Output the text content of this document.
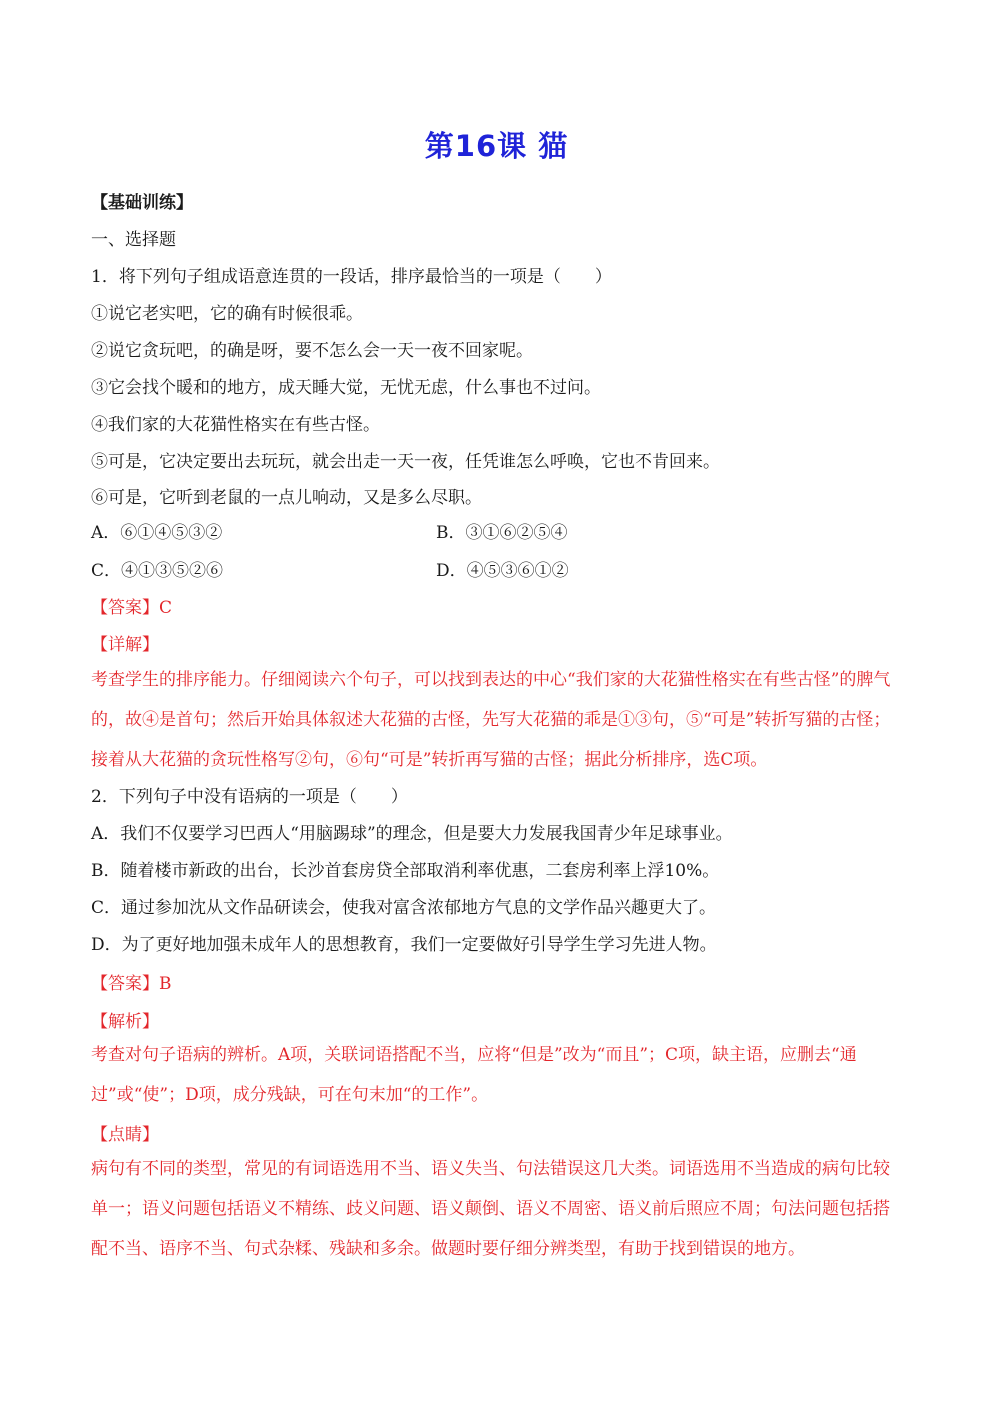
第16课 猫
【基础训练】
一、选择题
1．将下列句子组成语意连贯的一段话，排序最恰当的一项是（　　）
①说它老实吧，它的确有时候很乖。
②说它贪玩吧，的确是呀，要不怎么会一天一夜不回家呢。
③它会找个暖和的地方，成天睡大觉，无忧无虑，什么事也不过问。
④我们家的大花猫性格实在有些古怪。
⑤可是，它决定要出去玩玩，就会出走一天一夜，任凭谁怎么呼唤，它也不肯回来。
⑥可是，它听到老鼠的一点儿响动，又是多么尽职。
A．⑥①④⑤③②	B．③①⑥②⑤④
C．④①③⑤②⑥	D．④⑤③⑥①②
【答案】C
【详解】
考查学生的排序能力。仔细阅读六个句子，可以找到表达的中心“我们家的大花猫性格实在有些古怪”的脾气的，故④是首句；然后开始具体叙述大花猫的古怪，先写大花猫的乖是①③句，⑤“可是”转折写猫的古怪；接着从大花猫的贪玩性格写②句，⑥句“可是”转折再写猫的古怪；据此分析排序，选C项。
2．下列句子中没有语病的一项是（　　）
A．我们不仅要学习巴西人“用脑踢球”的理念，但是要大力发展我国青少年足球事业。
B．随着楼市新政的出台，长沙首套房贷全部取消利率优惠，二套房利率上浮10%。
C．通过参加沈从文作品研读会，使我对富含浓郁地方气息的文学作品兴趣更大了。
D．为了更好地加强未成年人的思想教育，我们一定要做好引导学生学习先进人物。
【答案】B
【解析】
考查对句子语病的辨析。A项，关联词语搭配不当，应将“但是”改为“而且”；C项，缺主语，应删去“通过”或“使”；D项，成分残缺，可在句末加“的工作”。
【点睛】
病句有不同的类型，常见的有词语选用不当、语义失当、句法错误这几大类。词语选用不当造成的病句比较单一；语义问题包括语义不精练、歧义问题、语义颠倒、语义不周密、语义前后照应不周；句法问题包括搭配不当、语序不当、句式杂糅、残缺和多余。做题时要仔细分辨类型，有助于找到错误的地方。
